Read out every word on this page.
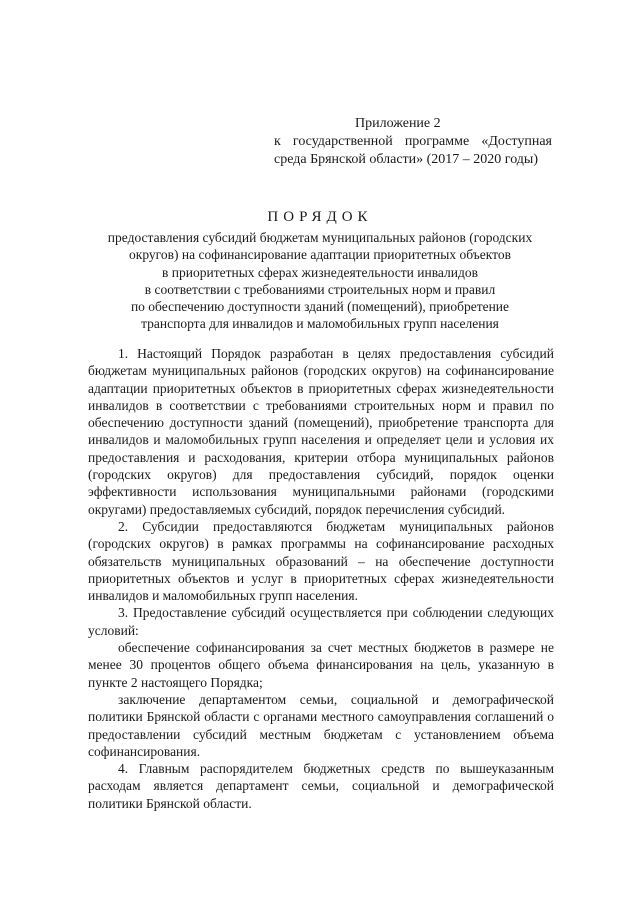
Приложение 2
к государственной программе «Доступная
среда Брянской области» (2017 – 2020 годы)
ПОРЯДОК
предоставления субсидий бюджетам муниципальных районов (городских
округов) на софинансирование адаптации приоритетных объектов
в приоритетных сферах жизнедеятельности инвалидов
в соответствии с требованиями строительных норм и правил
по обеспечению доступности зданий (помещений), приобретение
транспорта для инвалидов и маломобильных групп населения

1. Настоящий Порядок разработан в целях предоставления субсидий бюджетам муниципальных районов (городских округов) на софинансирование адаптации приоритетных объектов в приоритетных сферах жизнедеятельности инвалидов в соответствии с требованиями строительных норм и правил по обеспечению доступности зданий (помещений), приобретение транспорта для инвалидов и маломобильных групп населения и определяет цели и условия их предоставления и расходования, критерии отбора муниципальных районов (городских округов) для предоставления субсидий, порядок оценки эффективности использования муниципальными районами (городскими округами) предоставляемых субсидий, порядок перечисления субсидий.

2. Субсидии предоставляются бюджетам муниципальных районов (городских округов) в рамках программы на софинансирование расходных обязательств муниципальных образований – на обеспечение доступности приоритетных объектов и услуг в приоритетных сферах жизнедеятельности инвалидов и маломобильных групп населения.

3. Предоставление субсидий осуществляется при соблюдении следующих условий:

обеспечение софинансирования за счет местных бюджетов в размере не менее 30 процентов общего объема финансирования на цель, указанную в пункте 2 настоящего Порядка;

заключение департаментом семьи, социальной и демографической политики Брянской области с органами местного самоуправления соглашений о предоставлении субсидий местным бюджетам с установлением объема софинансирования.

4. Главным распорядителем бюджетных средств по вышеуказанным расходам является департамент семьи, социальной и демографической политики Брянской области.
